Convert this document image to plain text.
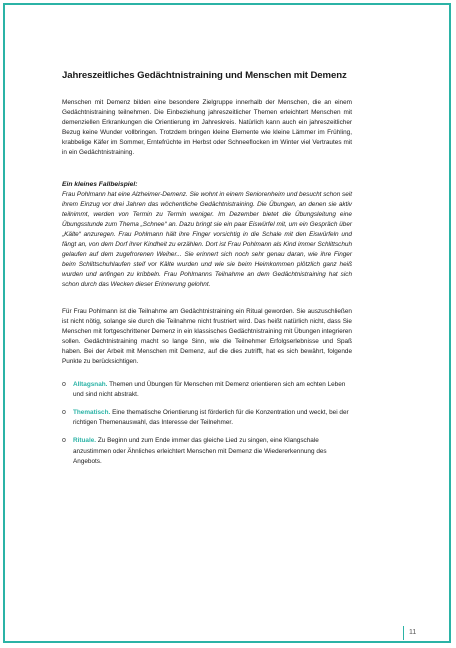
Jahreszeitliches Gedächtnistraining und Menschen mit Demenz

Menschen mit Demenz bilden eine besondere Zielgruppe innerhalb der Menschen, die an einem Gedächtnistraining teilnehmen. Die Einbeziehung jahreszeitlicher Themen erleichtert Menschen mit demenziellen Erkrankungen die Orientierung im Jahreskreis. Natürlich kann auch ein jahreszeitlicher Bezug keine Wunder vollbringen. Trotzdem bringen kleine Elemente wie kleine Lämmer im Frühling, krabbelige Käfer im Sommer, Erntefrüchte im Herbst oder Schneeflocken im Winter viel Vertrautes mit in ein Gedächtnistraining.

Ein kleines Fallbeispiel:

Frau Pohlmann hat eine Alzheimer-Demenz. Sie wohnt in einem Seniorenheim und besucht schon seit ihrem Einzug vor drei Jahren das wöchentliche Gedächtnistraining. Die Übungen, an denen sie aktiv teilnimmt, werden von Termin zu Termin weniger. Im Dezember bietet die Übungsleitung eine Übungsstunde zum Thema „Schnee“ an. Dazu bringt sie ein paar Eiswürfel mit, um ein Gespräch über „Kälte“ anzuregen. Frau Pohlmann hält ihre Finger vorsichtig in die Schale mit den Eiswürfeln und fängt an, von dem Dorf ihrer Kindheit zu erzählen. Dort ist Frau Pohlmann als Kind immer Schlittschuh gelaufen auf dem zugefrorenen Weiher... Sie erinnert sich noch sehr genau daran, wie ihre Finger beim Schlittschuhlaufen steif vor Kälte wurden und wie sie beim Heimkommen plötzlich ganz heiß wurden und anfingen zu kribbeln. Frau Pohlmanns Teilnahme an dem Gedächtnistraining hat sich schon durch das Wecken dieser Erinnerung gelohnt.

Für Frau Pohlmann ist die Teilnahme am Gedächtnistraining ein Ritual geworden. Sie auszuschließen ist nicht nötig, solange sie durch die Teilnahme nicht frustriert wird. Das heißt natürlich nicht, dass Sie Menschen mit fortgeschrittener Demenz in ein klassisches Gedächtnistraining mit Übungen integrieren sollen. Gedächtnistraining macht so lange Sinn, wie die Teilnehmer Erfolgserlebnisse und Spaß haben. Bei der Arbeit mit Menschen mit Demenz, auf die dies zutrifft, hat es sich bewährt, folgende Punkte zu berücksichtigen.

o Alltagsnah. Themen und Übungen für Menschen mit Demenz orientieren sich am echten Leben und sind nicht abstrakt.
o Thematisch. Eine thematische Orientierung ist förderlich für die Konzentration und weckt, bei der richtigen Themenauswahl, das Interesse der Teilnehmer.
o Rituale. Zu Beginn und zum Ende immer das gleiche Lied zu singen, eine Klangschale anzustimmen oder Ähnliches erleichtert Menschen mit Demenz die Wiedererkennung des Angebots.
11
